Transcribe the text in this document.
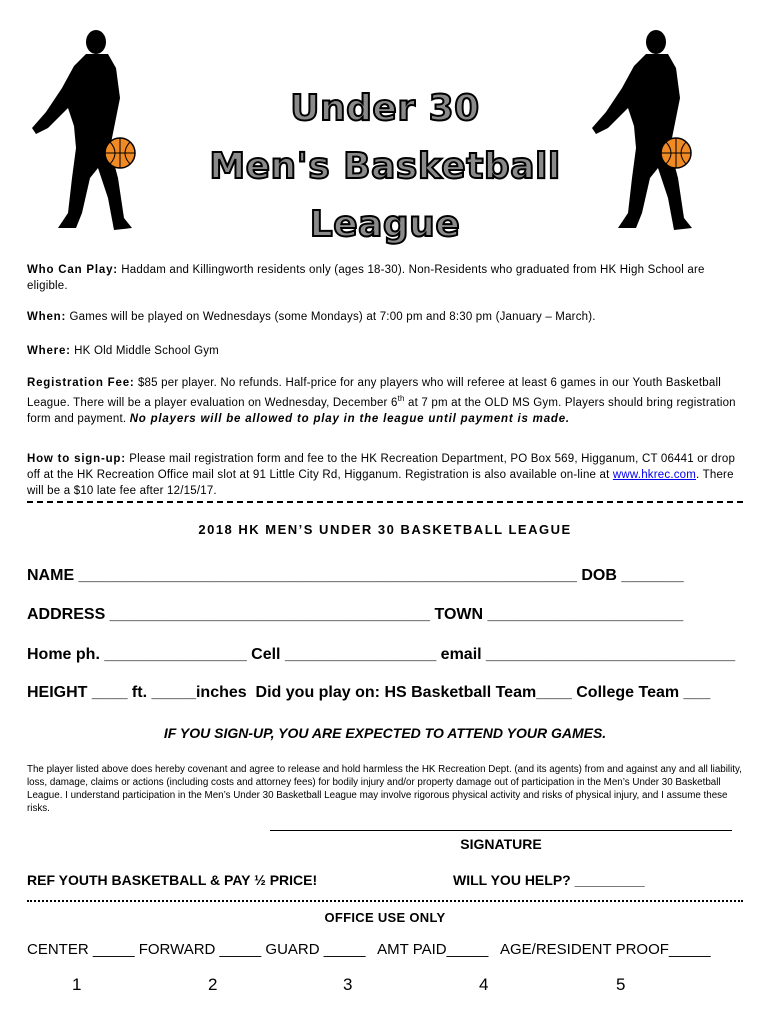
Under 30
Men's Basketball
League
Who Can Play: Haddam and Killingworth residents only (ages 18-30). Non-Residents who graduated from HK High School are eligible.
When: Games will be played on Wednesdays (some Mondays) at 7:00 pm and 8:30 pm (January – March).
Where: HK Old Middle School Gym
Registration Fee: $85 per player. No refunds. Half-price for any players who will referee at least 6 games in our Youth Basketball League. There will be a player evaluation on Wednesday, December 6th at 7 pm at the OLD MS Gym. Players should bring registration form and payment. No players will be allowed to play in the league until payment is made.
How to sign-up: Please mail registration form and fee to the HK Recreation Department, PO Box 569, Higganum, CT 06441 or drop off at the HK Recreation Office mail slot at 91 Little City Rd, Higganum. Registration is also available on-line at www.hkrec.com. There will be a $10 late fee after 12/15/17.
2018 HK MEN’S UNDER 30 BASKETBALL LEAGUE
NAME ________________________________________________________ DOB _______
ADDRESS ____________________________________ TOWN ______________________
Home ph. ________________ Cell _________________ email ____________________________
HEIGHT ____ ft. _____inches  Did you play on: HS Basketball Team____ College Team ___
IF YOU SIGN-UP, YOU ARE EXPECTED TO ATTEND YOUR GAMES.
The player listed above does hereby covenant and agree to release and hold harmless the HK Recreation Dept. (and its agents) from and against any and all liability, loss, damage, claims or actions (including costs and attorney fees) for bodily injury and/or property damage out of participation in the Men’s Under 30 Basketball League. I understand participation in the Men’s Under 30 Basketball League may involve rigorous physical activity and risks of physical injury, and I assume these risks.
SIGNATURE
REF YOUTH BASKETBALL & PAY ½ PRICE!	WILL YOU HELP? _________
OFFICE USE ONLY
CENTER _____ FORWARD _____ GUARD _____   AMT PAID_____   AGE/RESIDENT PROOF_____
1	2	3	4	5
